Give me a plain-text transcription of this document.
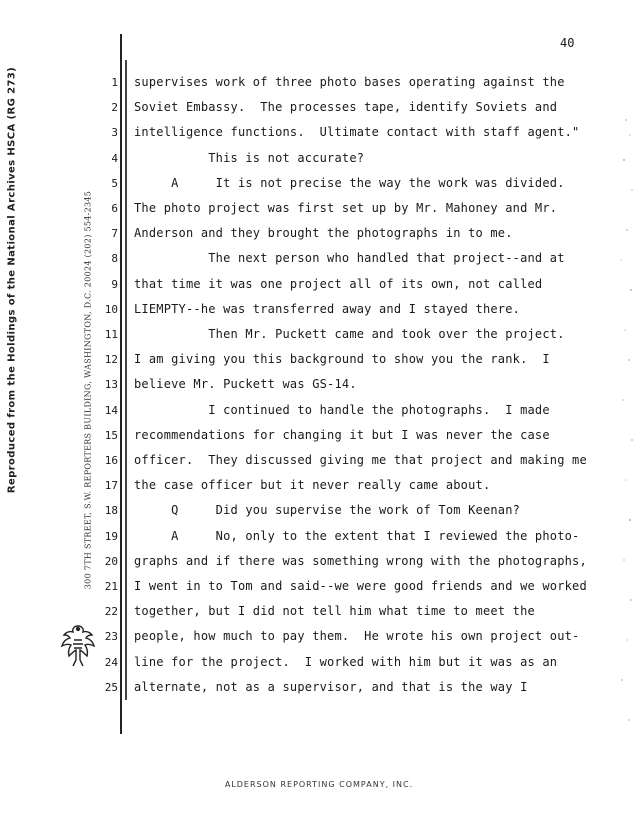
Reproduced from the Holdings of the National Archives HSCA (RG 273)	300 7TH STREET, S.W. REPORTERS BUILDING, WASHINGTON, D.C. 20024 (202) 554-2345
40
1 supervises work of three photo bases operating against the
2 Soviet Embassy.  The processes tape, identify Soviets and
3 intelligence functions.  Ultimate contact with staff agent."
4 This is not accurate?
5 A     It is not precise the way the work was divided.
6 The photo project was first set up by Mr. Mahoney and Mr.
7 Anderson and they brought the photographs in to me.
8 The next person who handled that project--and at
9 that time it was one project all of its own, not called
10 LIEMPTY--he was transferred away and I stayed there.
11 Then Mr. Puckett came and took over the project.
12 I am giving you this background to show you the rank.  I
13 believe Mr. Puckett was GS-14.
14 I continued to handle the photographs.  I made
15 recommendations for changing it but I was never the case
16 officer.  They discussed giving me that project and making me
17 the case officer but it never really came about.
18 Q     Did you supervise the work of Tom Keenan?
19 A     No, only to the extent that I reviewed the photo-
20 graphs and if there was something wrong with the photographs,
21 I went in to Tom and said--we were good friends and we worked
22 together, but I did not tell him what time to meet the
23 people, how much to pay them.  He wrote his own project out-
24 line for the project.  I worked with him but it was as an
25 alternate, not as a supervisor, and that is the way I
ALDERSON REPORTING COMPANY, INC.
